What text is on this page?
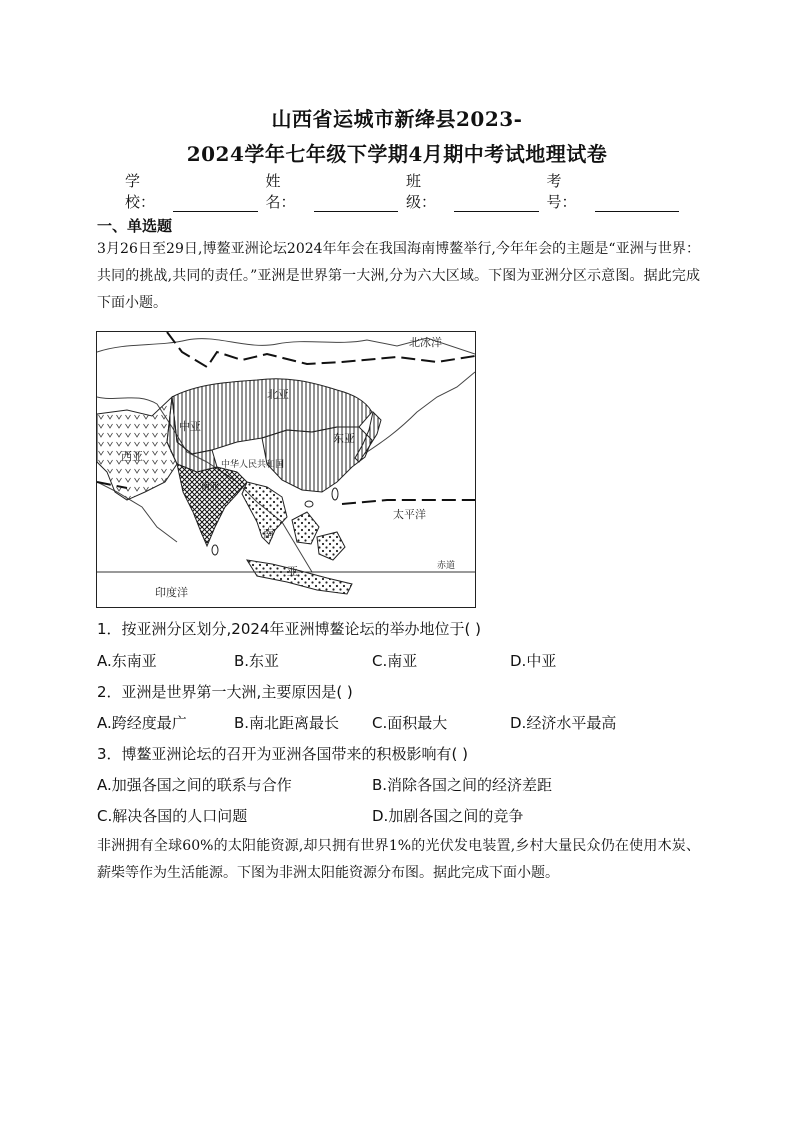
山西省运城市新绛县2023-
2024学年七年级下学期4月期中考试地理试卷
学校：
姓名：
班级：
考号：
一、单选题
3月26日至29日,博鳌亚洲论坛2024年年会在我国海南博鳌举行,今年年会的主题是“亚洲与世界：共同的挑战,共同的责任。”亚洲是世界第一大洲,分为六大区域。下图为亚洲分区示意图。据此完成下面小题。
北冰洋
北亚
中亚
东亚
西亚
中华人民共和国
南亚
南
亚
太平洋
赤道
印度洋
1．按亚洲分区划分,2024年亚洲博鳌论坛的举办地位于( )
A.东南亚	B.东亚	C.南亚	D.中亚
2．亚洲是世界第一大洲,主要原因是( )
A.跨经度最广	B.南北距离最长 C.面积最大	D.经济水平最高
3．博鳌亚洲论坛的召开为亚洲各国带来的积极影响有( )
A.加强各国之间的联系与合作	B.消除各国之间的经济差距
C.解决各国的人口问题	D.加剧各国之间的竞争
非洲拥有全球60%的太阳能资源,却只拥有世界1%的光伏发电装置,乡村大量民众仍在使用木炭、薪柴等作为生活能源。下图为非洲太阳能资源分布图。据此完成下面小题。
